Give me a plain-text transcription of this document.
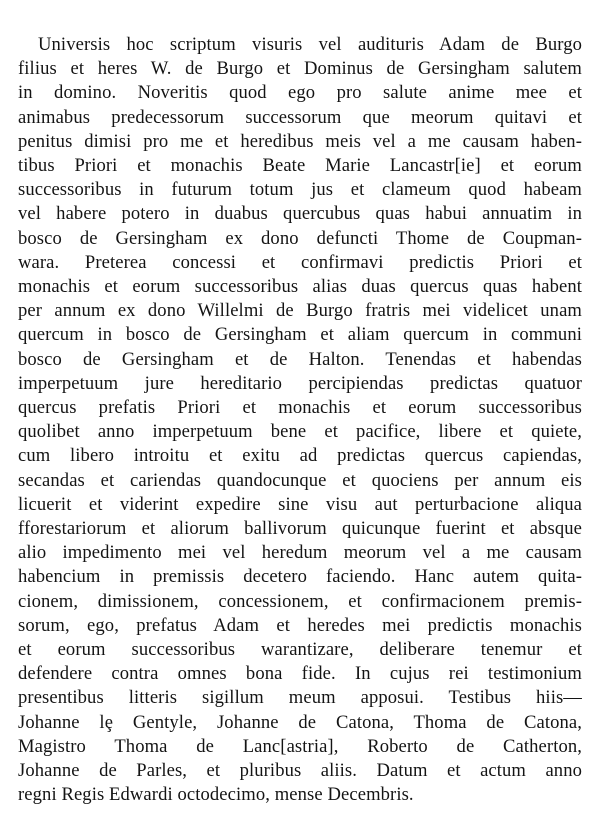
Universis hoc scriptum visuris vel audituris Adam de Burgo
filius et heres W. de Burgo et Dominus de Gersingham salutem
in domino. Noveritis quod ego pro salute anime mee et
animabus predecessorum successorum que meorum quitavi et
penitus dimisi pro me et heredibus meis vel a me causam haben-
tibus Priori et monachis Beate Marie Lancastr[ie] et eorum
successoribus in futurum totum jus et clameum quod habeam
vel habere potero in duabus quercubus quas habui annuatim in
bosco de Gersingham ex dono defuncti Thome de Coupman-
wara. Preterea concessi et confirmavi predictis Priori et
monachis et eorum successoribus alias duas quercus quas habent
per annum ex dono Willelmi de Burgo fratris mei videlicet unam
quercum in bosco de Gersingham et aliam quercum in communi
bosco de Gersingham et de Halton. Tenendas et habendas
imperpetuum jure hereditario percipiendas predictas quatuor
quercus prefatis Priori et monachis et eorum successoribus
quolibet anno imperpetuum bene et pacifice, libere et quiete,
cum libero introitu et exitu ad predictas quercus capiendas,
secandas et cariendas quandocunque et quociens per annum eis
licuerit et viderint expedire sine visu aut perturbacione aliqua
fforestariorum et aliorum ballivorum quicunque fuerint et absque
alio impedimento mei vel heredum meorum vel a me causam
habencium in premissis decetero faciendo. Hanc autem quita-
cionem, dimissionem, concessionem, et confirmacionem premis-
sorum, ego, prefatus Adam et heredes mei predictis monachis
et eorum successoribus warantizare, deliberare tenemur et
defendere contra omnes bona fide. In cujus rei testimonium
presentibus litteris sigillum meum apposui. Testibus hiis—
Johanne lȩ Gentyle, Johanne de Catona, Thoma de Catona,
Magistro Thoma de Lanc[astria], Roberto de Catherton,
Johanne de Parles, et pluribus aliis. Datum et actum anno
regni Regis Edwardi octodecimo, mense Decembris.
